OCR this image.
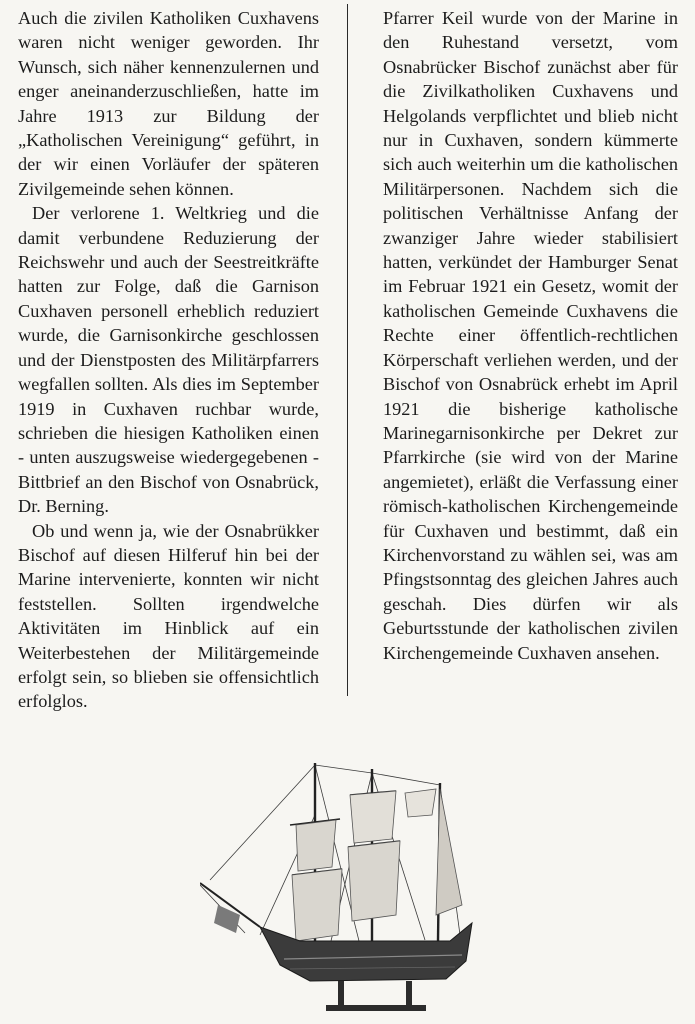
Auch die zivilen Katholiken Cuxhavens waren nicht weniger geworden. Ihr Wunsch, sich näher kennenzulernen und enger aneinanderzuschließen, hatte im Jahre 1913 zur Bildung der „Katholischen Vereinigung“ geführt, in der wir einen Vorläufer der späteren Zivilgemeinde sehen können.

Der verlorene 1. Weltkrieg und die damit verbundene Reduzierung der Reichswehr und auch der Seestreitkräfte hatten zur Folge, daß die Garnison Cuxhaven personell erheblich reduziert wurde, die Garnisonkirche geschlossen und der Dienstposten des Militärpfarrers wegfallen sollten. Als dies im September 1919 in Cuxhaven ruchbar wurde, schrieben die hiesigen Katholiken einen - unten auszugsweise wiedergegebenen - Bittbrief an den Bischof von Osnabrück, Dr. Berning.

Ob und wenn ja, wie der Osnabrükker Bischof auf diesen Hilferuf hin bei der Marine intervenierte, konnten wir nicht feststellen. Sollten irgendwelche Aktivitäten im Hinblick auf ein Weiterbestehen der Militärgemeinde erfolgt sein, so blieben sie offensichtlich erfolglos.

Pfarrer Keil wurde von der Marine in den Ruhestand versetzt, vom Osnabrücker Bischof zunächst aber für die Zivilkatholiken Cuxhavens und Helgolands verpflichtet und blieb nicht nur in Cuxhaven, sondern kümmerte sich auch weiterhin um die katholischen Militärpersonen. Nachdem sich die politischen Verhältnisse Anfang der zwanziger Jahre wieder stabilisiert hatten, verkündet der Hamburger Senat im Februar 1921 ein Gesetz, womit der katholischen Gemeinde Cuxhavens die Rechte einer öffentlich-rechtlichen Körperschaft verliehen werden, und der Bischof von Osnabrück erhebt im April 1921 die bisherige katholische Marinegarnisonkirche per Dekret zur Pfarrkirche (sie wird von der Marine angemietet), erläßt die Verfassung einer römisch-katholischen Kirchengemeinde für Cuxhaven und bestimmt, daß ein Kirchenvorstand zu wählen sei, was am Pfingstsonntag des gleichen Jahres auch geschah. Dies dürfen wir als Geburtsstunde der katholischen zivilen Kirchengemeinde Cuxhaven ansehen.
